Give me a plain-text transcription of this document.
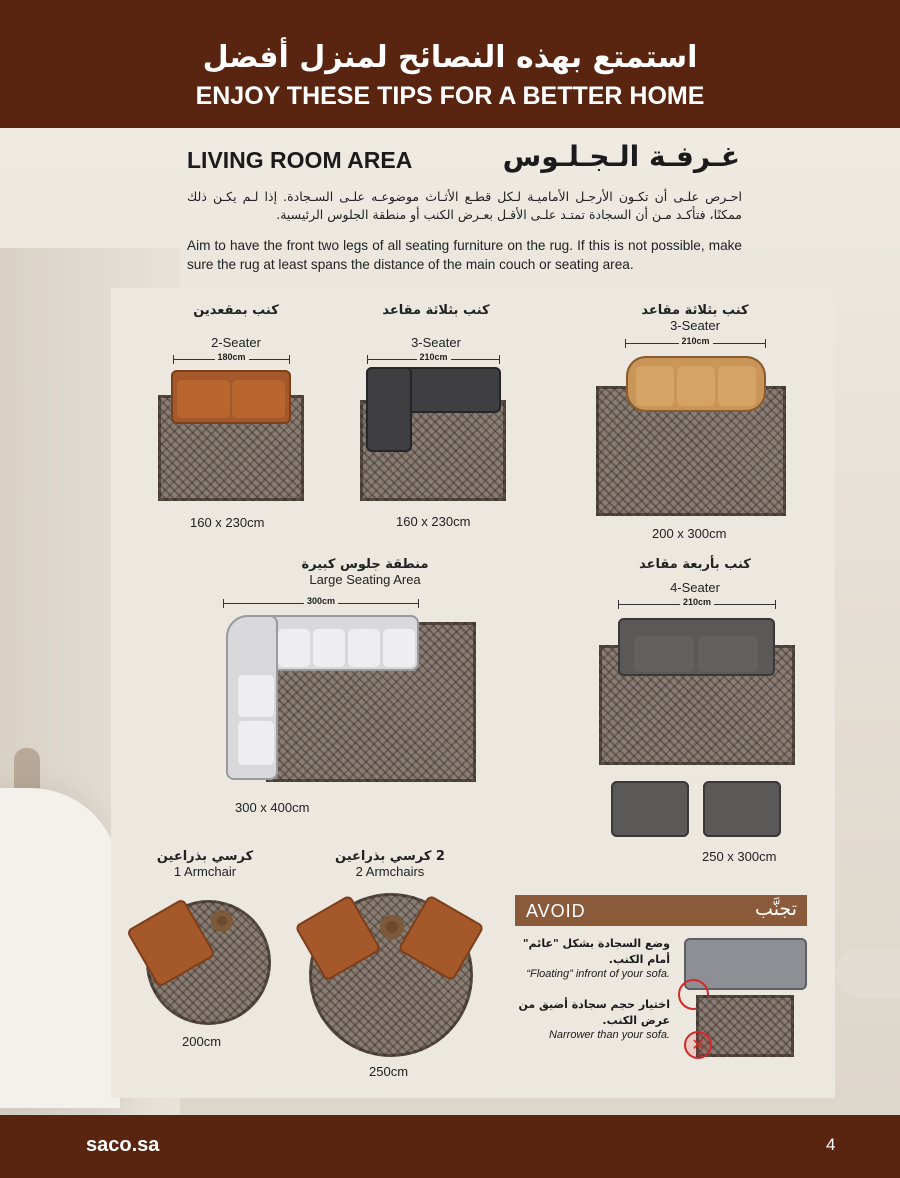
استمتع بهذه النصائح لمنزل أفضل
ENJOY THESE TIPS FOR A BETTER HOME
LIVING ROOM AREA	غـرفـة الـجـلـوس
احـرص علـى أن تكـون الأرجـل الأماميـة لـكل قطـع الأثـاث موضوعـه علـى السـجادة. إذا لـم يكـن ذلك ممكنًا، فتأكـد مـن أن السجادة تمتـد علـى الأقـل بعـرض الكنب أو منطقة الجلوس الرئيسية.
Aim to have the front two legs of all seating furniture on the rug. If this is not possible, make sure the rug at least spans the distance of the main couch or seating area.
كنب بمقعدين
2-Seater
180cm
160 x 230cm
كنب بثلاثة مقاعد
3-Seater
210cm
160 x 230cm
كنب بثلاثة مقاعد
3-Seater
210cm
200 x 300cm
منطقة جلوس كبيرة
Large Seating Area
300cm
300 x 400cm
كنب بأربعة مقاعد
4-Seater
210cm
250 x 300cm
كرسي بذراعين
1 Armchair
200cm
2 كرسي بذراعين
2 Armchairs
250cm
AVOID	تجنَّب
وضع السجادة بشكل "عائم" أمام الكنب.
“Floating” infront of your sofa.
اختيار حجم سجادة أضيق من عرض الكنب.
Narrower than your sofa.	✕
saco.sa	4
